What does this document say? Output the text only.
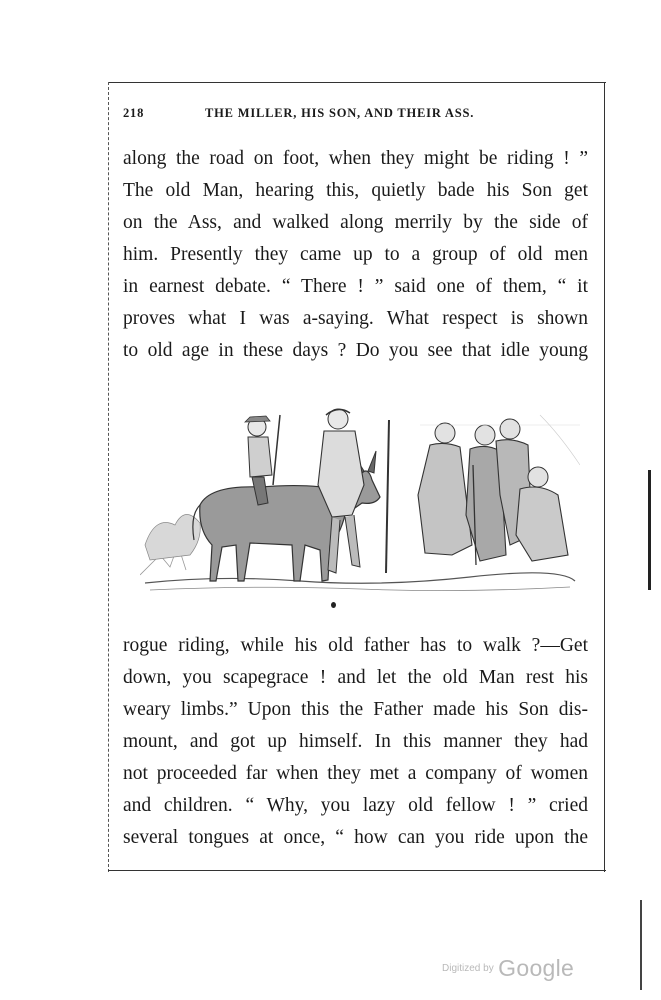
218	THE MILLER, HIS SON, AND THEIR ASS.
along the road on foot, when they might be riding ! ”
The old Man, hearing this, quietly bade his Son get
on the Ass, and walked along merrily by the side of
him. Presently they came up to a group of old men
in earnest debate. “ There ! ” said one of them, “ it
proves what I was a-saying. What respect is shown
to old age in these days ? Do you see that idle young
rogue riding, while his old father has to walk ?—Get
down, you scapegrace ! and let the old Man rest his
weary limbs.” Upon this the Father made his Son dis-
mount, and got up himself. In this manner they had
not proceeded far when they met a company of women
and children. “ Why, you lazy old fellow ! ” cried
several tongues at once, “ how can you ride upon the
Digitized by Google
